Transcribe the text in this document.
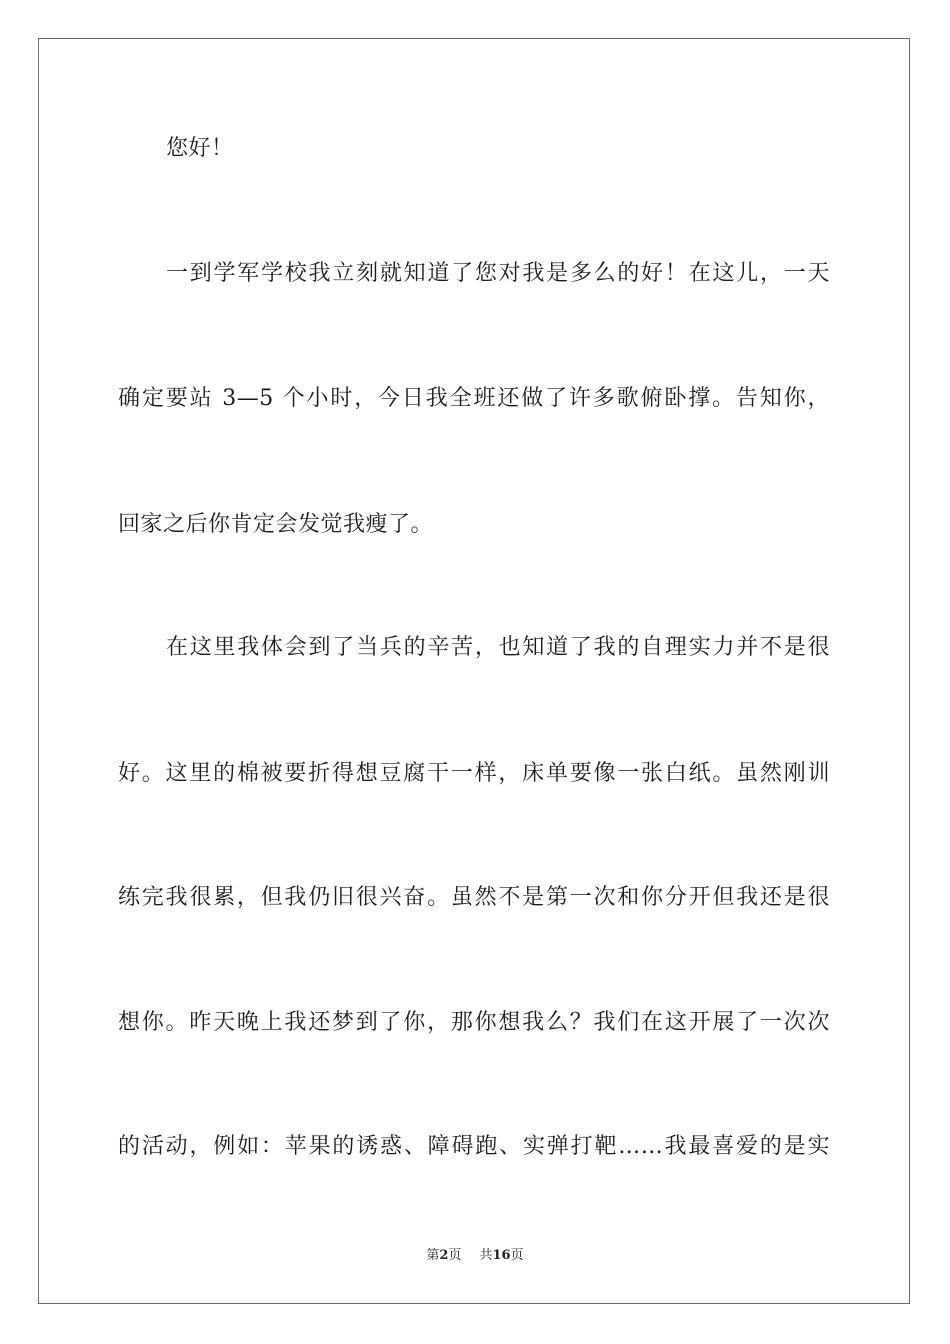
您好！
一到学军学校我立刻就知道了您对我是多么的好！在这儿，一天
确定要站 3—5 个小时，今日我全班还做了许多歌俯卧撑。告知你，
回家之后你肯定会发觉我瘦了。
在这里我体会到了当兵的辛苦，也知道了我的自理实力并不是很
好。这里的棉被要折得想豆腐干一样，床单要像一张白纸。虽然刚训
练完我很累，但我仍旧很兴奋。虽然不是第一次和你分开但我还是很
想你。昨天晚上我还梦到了你，那你想我么？我们在这开展了一次次
的活动，例如：苹果的诱惑、障碍跑、实弹打靶……我最喜爱的是实
第2页 共16页
